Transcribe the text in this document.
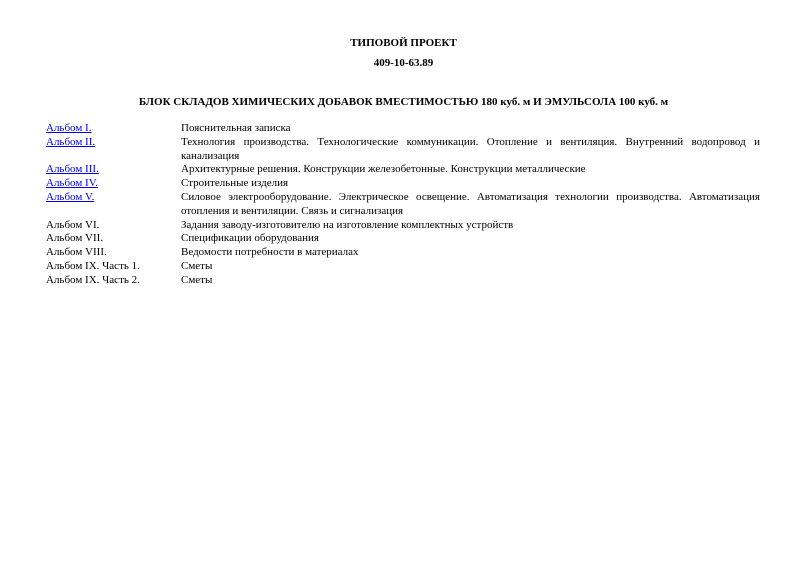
ТИПОВОЙ ПРОЕКТ
409-10-63.89
БЛОК СКЛАДОВ ХИМИЧЕСКИХ ДОБАВОК ВМЕСТИМОСТЬЮ 180 куб. м И ЭМУЛЬСОЛА 100 куб. м
Альбом I.	Пояснительная записка
Альбом II.	Технология производства. Технологические коммуникации. Отопление и вентиляция. Внутренний водопровод и канализация
Альбом III.	Архитектурные решения. Конструкции железобетонные. Конструкции металлические
Альбом IV.	Строительные изделия
Альбом V.	Силовое электрооборудование. Электрическое освещение. Автоматизация технологии производства. Автоматизация отопления и вентиляции. Связь и сигнализация
Альбом VI.	Задания заводу-изготовителю на изготовление комплектных устройств
Альбом VII.	Спецификации оборудования
Альбом VIII.	Ведомости потребности в материалах
Альбом IX. Часть 1.	Сметы
Альбом IX. Часть 2.	Сметы
